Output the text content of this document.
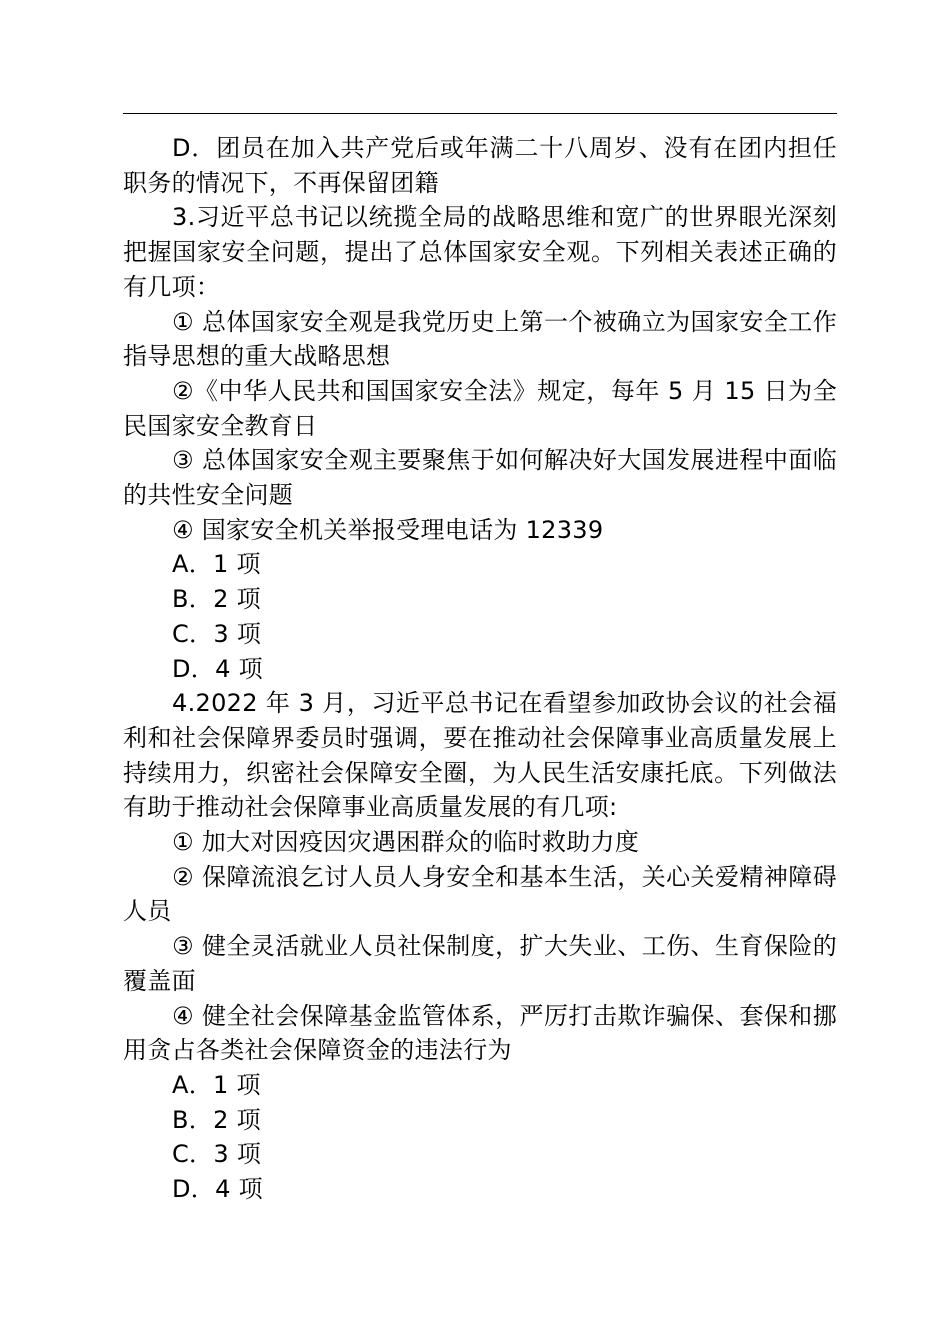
D．团员在加入共产党后或年满二十八周岁、没有在团内担任职务的情况下，不再保留团籍

3.习近平总书记以统揽全局的战略思维和宽广的世界眼光深刻把握国家安全问题，提出了总体国家安全观。下列相关表述正确的有几项：

① 总体国家安全观是我党历史上第一个被确立为国家安全工作指导思想的重大战略思想

②《中华人民共和国国家安全法》规定，每年 5 月 15 日为全民国家安全教育日

③ 总体国家安全观主要聚焦于如何解决好大国发展进程中面临的共性安全问题

④ 国家安全机关举报受理电话为 12339

A．1 项

B．2 项

C．3 项

D．4 项

4.2022 年 3 月，习近平总书记在看望参加政协会议的社会福利和社会保障界委员时强调，要在推动社会保障事业高质量发展上持续用力，织密社会保障安全圈，为人民生活安康托底。下列做法有助于推动社会保障事业高质量发展的有几项:

① 加大对因疫因灾遇困群众的临时救助力度

② 保障流浪乞讨人员人身安全和基本生活，关心关爱精神障碍人员

③ 健全灵活就业人员社保制度，扩大失业、工伤、生育保险的覆盖面

④ 健全社会保障基金监管体系，严厉打击欺诈骗保、套保和挪用贪占各类社会保障资金的违法行为

A．1 项

B．2 项

C．3 项

D．4 项
